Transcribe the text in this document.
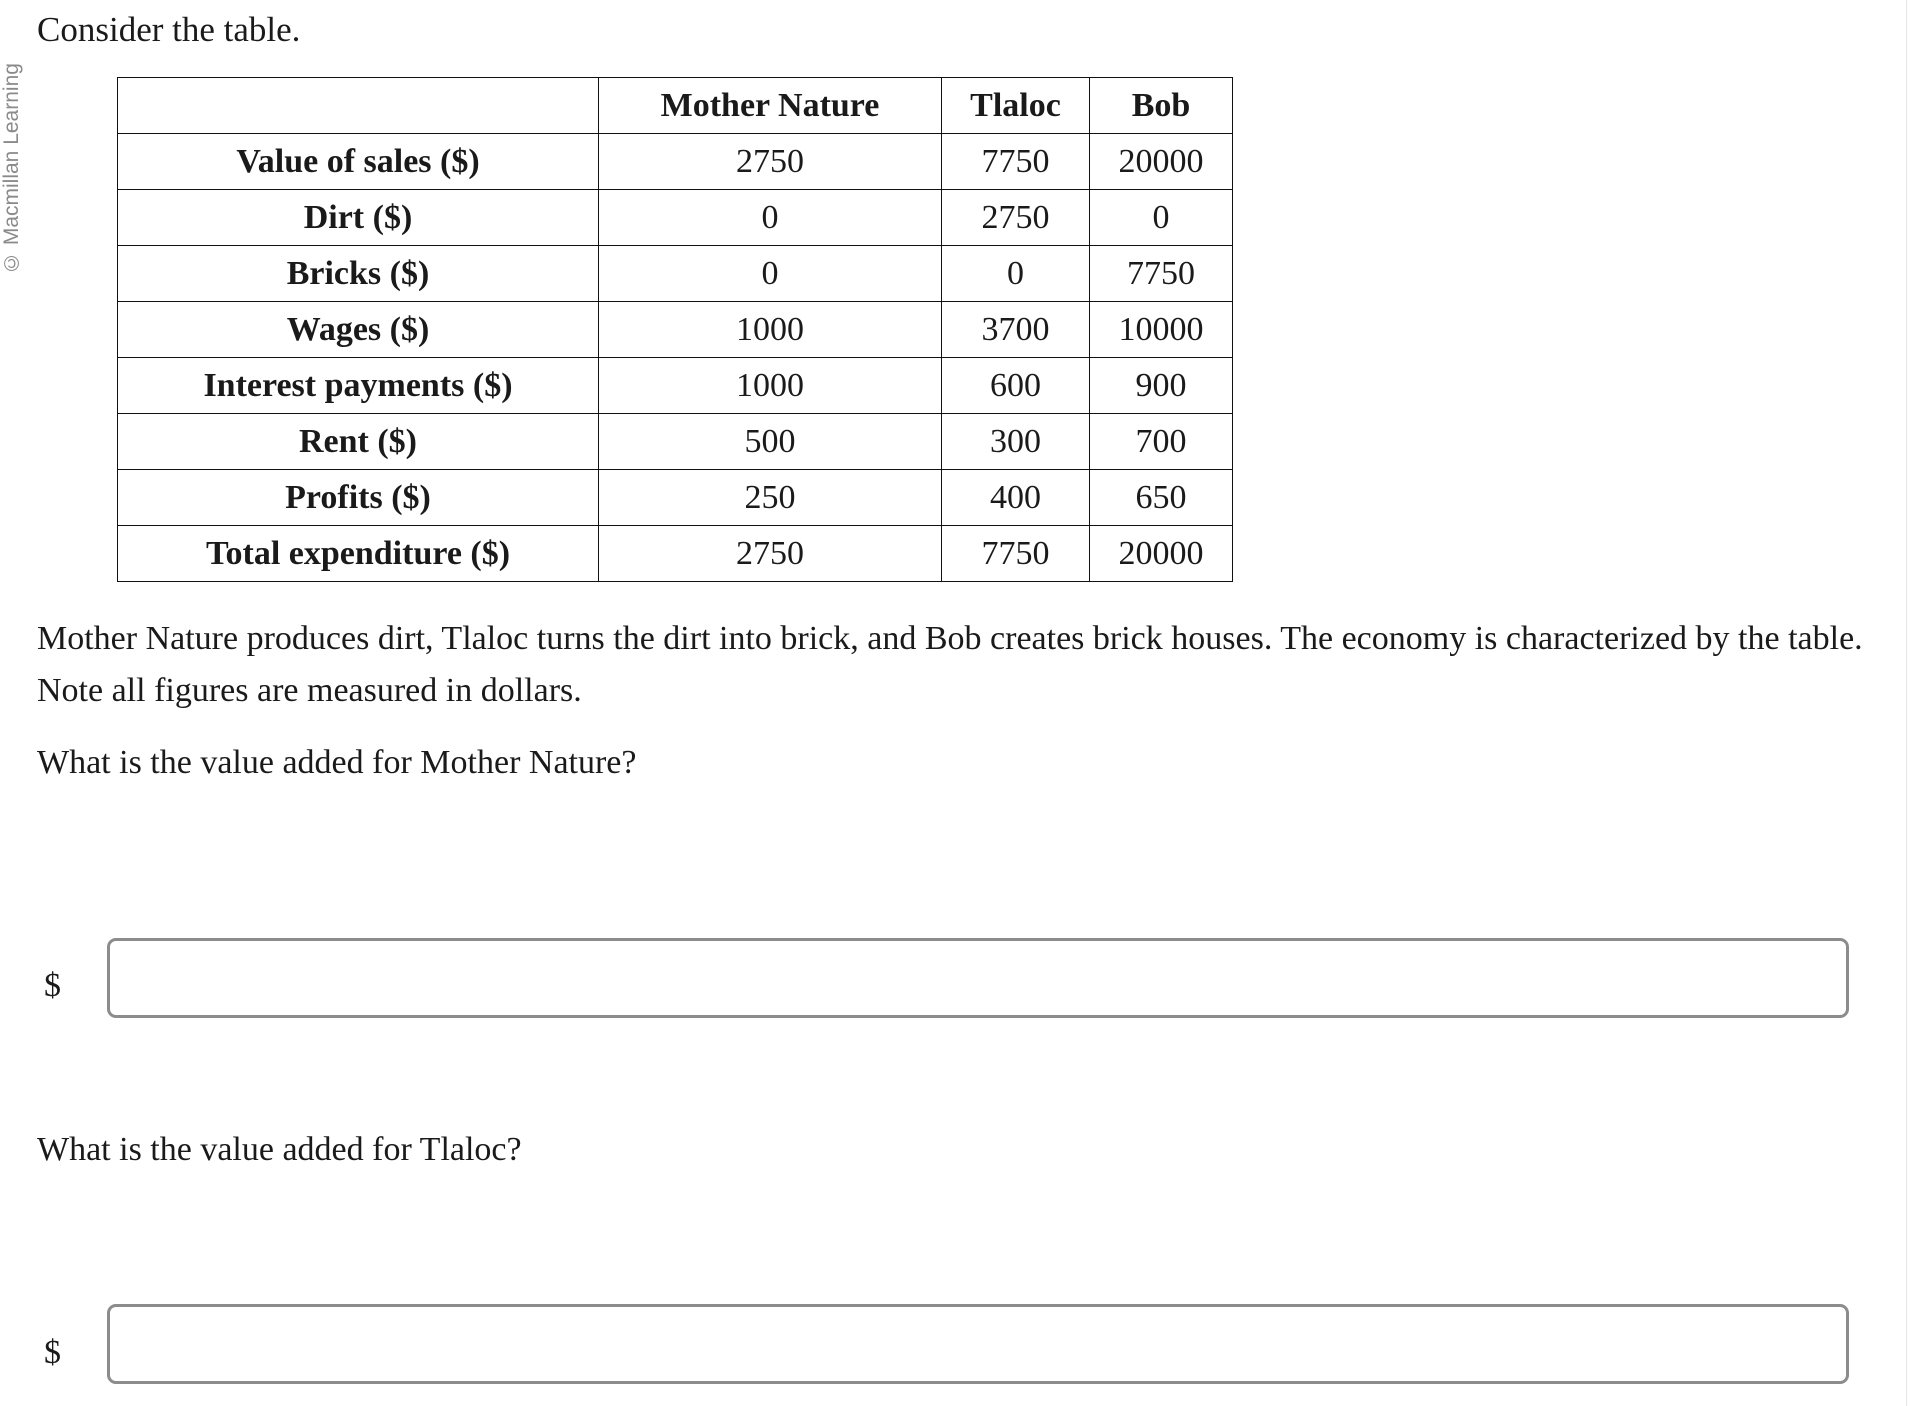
© Macmillan Learning
Consider the table.
	Mother Nature	Tlaloc	Bob
Value of sales ($)	2750	7750	20000
Dirt ($)	0	2750	0
Bricks ($)	0	0	7750
Wages ($)	1000	3700	10000
Interest payments ($)	1000	600	900
Rent ($)	500	300	700
Profits ($)	250	400	650
Total expenditure ($)	2750	7750	20000
Mother Nature produces dirt, Tlaloc turns the dirt into brick, and Bob creates brick houses. The economy is characterized by the table. Note all figures are measured in dollars.
What is the value added for Mother Nature?
$
What is the value added for Tlaloc?
$
